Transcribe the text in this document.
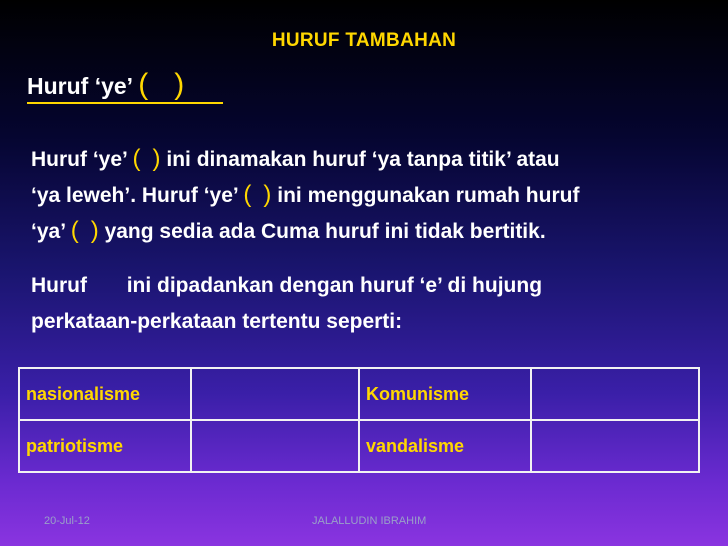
HURUF TAMBAHAN
Huruf ‘ye’ ( )
Huruf ‘ye’ ( ) ini dinamakan huruf ‘ya tanpa titik’ atau
‘ya leweh’. Huruf ‘ye’ ( ) ini menggunakan rumah huruf
‘ya’ ( ) yang sedia ada Cuma huruf ini tidak bertitik.
Huruf ini dipadankan dengan huruf ‘e’ di hujung
perkataan-perkataan tertentu seperti:
nasionalisme		Komunisme	
patriotisme		vandalisme	
20-Jul-12	JALALLUDIN IBRAHIM
